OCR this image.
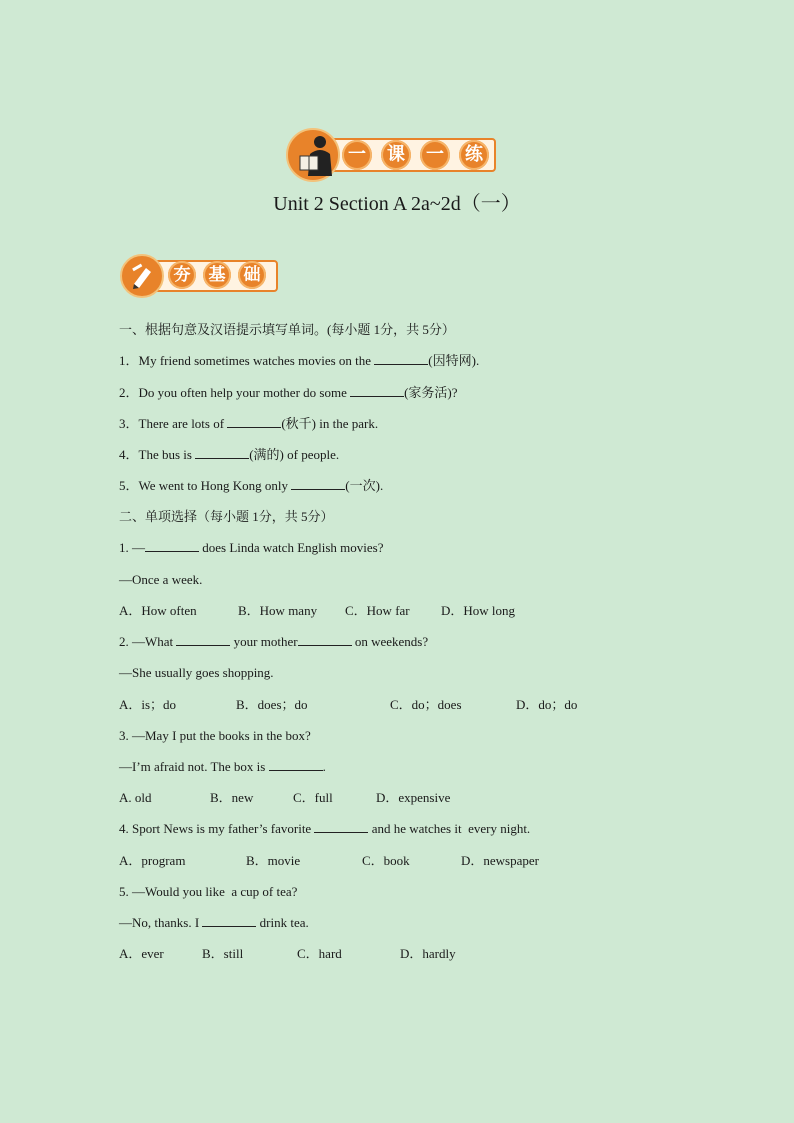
一	课	一	练
Unit 2 Section A 2a~2d（一）
夯	基	础
一、根据句意及汉语提示填写单词。(每小题 1分，共 5分）
1．My friend sometimes watches movies on the	(因特网).
2．Do you often help your mother do some	(家务活)?
3．There are lots of	(秋千) in the park.
4．The bus is	(满的) of people.
5．We went to Hong Kong only	(一次).
二、单项选择（每小题 1分，共 5分）
1. —	does Linda watch English movies?
—Once a week.
A．How often	B．How many C．How far D．How long
2. —What	your mother	on weekends?
—She usually goes shopping.
A．is；do	B．does；do	C．do；does	D．do；do
3. —May I put the books in the box?
—I’m afraid not. The box is	.
A. old	B．new	C．full	D．expensive
4. Sport News is my father’s favorite	and he watches it  every night.
A．program	B．movie	C．book	D．newspaper
5. —Would you like  a cup of tea?
—No, thanks. I	drink tea.
A．ever	B．still	C．hard	D．hardly
